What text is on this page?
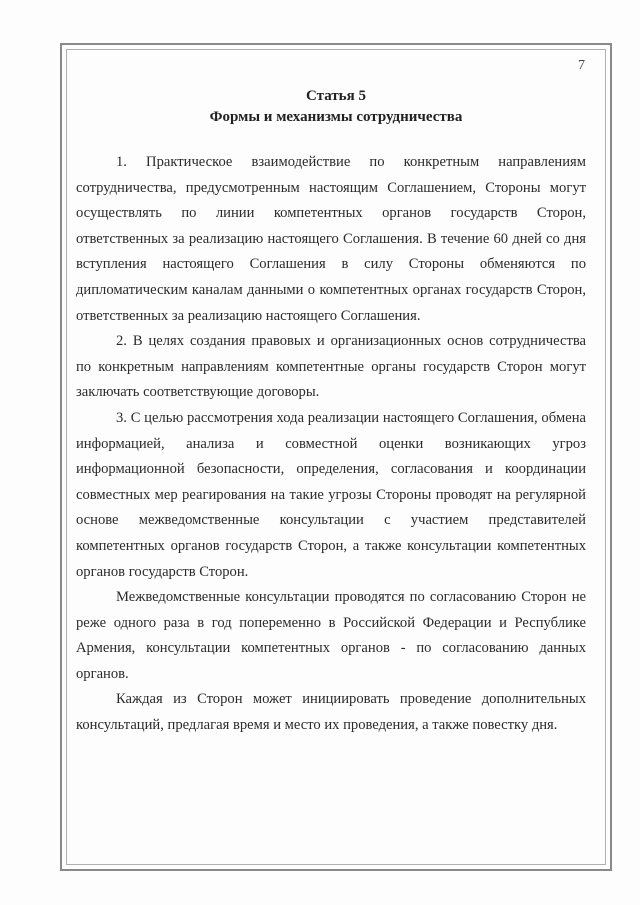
7
Статья 5
Формы и механизмы сотрудничества

1. Практическое взаимодействие по конкретным направлениям сотрудничества, предусмотренным настоящим Соглашением, Стороны могут осуществлять по линии компетентных органов государств Сторон, ответственных за реализацию настоящего Соглашения. В течение 60 дней со дня вступления настоящего Соглашения в силу Стороны обменяются по дипломатическим каналам данными о компетентных органах государств Сторон, ответственных за реализацию настоящего Соглашения.

2. В целях создания правовых и организационных основ сотрудничества по конкретным направлениям компетентные органы государств Сторон могут заключать соответствующие договоры.

3. С целью рассмотрения хода реализации настоящего Соглашения, обмена информацией, анализа и совместной оценки возникающих угроз информационной безопасности, определения, согласования и координации совместных мер реагирования на такие угрозы Стороны проводят на регулярной основе межведомственные консультации с участием представителей компетентных органов государств Сторон, а также консультации компетентных органов государств Сторон.

Межведомственные консультации проводятся по согласованию Сторон не реже одного раза в год попеременно в Российской Федерации и Республике Армения, консультации компетентных органов - по согласованию данных органов.

Каждая из Сторон может инициировать проведение дополнительных консультаций, предлагая время и место их проведения, а также повестку дня.
